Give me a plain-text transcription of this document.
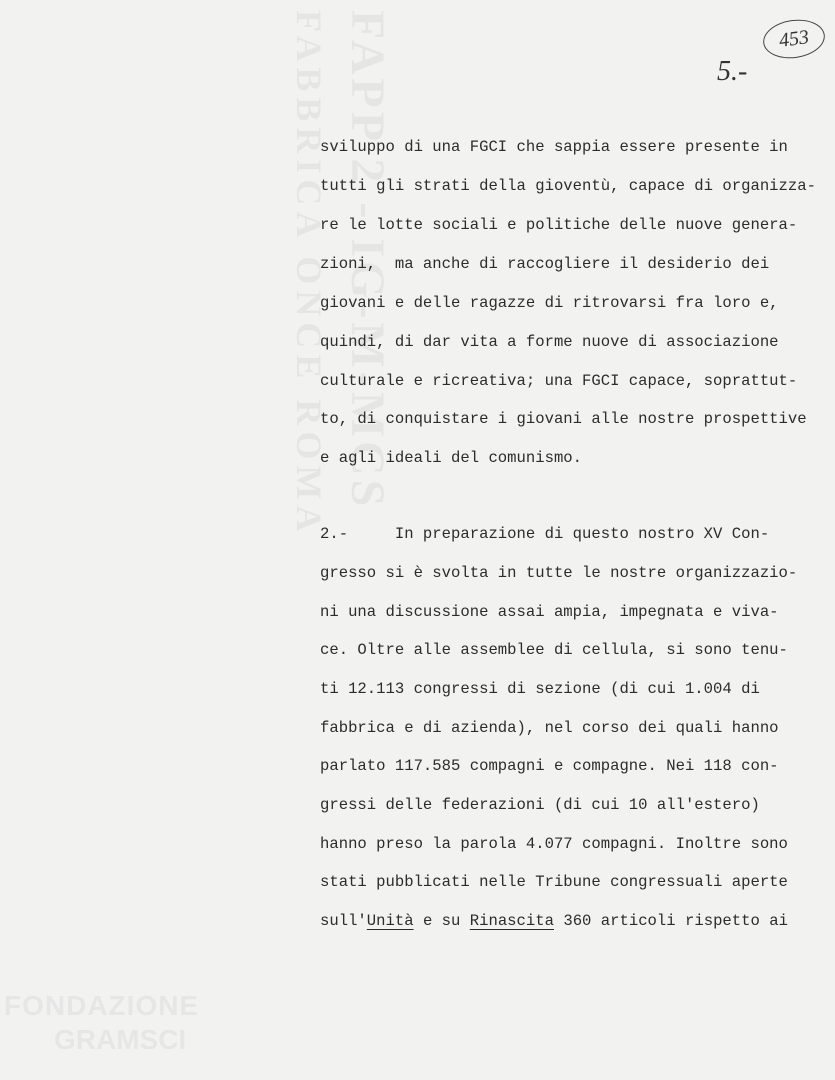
FAPP 2 - IG-M-MCS
FABBRICA ONCE ROMA
FONDAZIONE
GRAMSCI
453
5.-
sviluppo di una FGCI che sappia essere presente in
tutti gli strati della gioventù, capace di organizza-
re le lotte sociali e politiche delle nuove genera-
zioni,  ma anche di raccogliere il desiderio dei
giovani e delle ragazze di ritrovarsi fra loro e,
quindi, di dar vita a forme nuove di associazione
culturale e ricreativa; una FGCI capace, soprattut-
to, di conquistare i giovani alle nostre prospettive
e agli ideali del comunismo.
2.-     In preparazione di questo nostro XV Con-
gresso si è svolta in tutte le nostre organizzazio-
ni una discussione assai ampia, impegnata e viva-
ce. Oltre alle assemblee di cellula, si sono tenu-
ti 12.113 congressi di sezione (di cui 1.004 di
fabbrica e di azienda), nel corso dei quali hanno
parlato 117.585 compagni e compagne. Nei 118 con-
gressi delle federazioni (di cui 10 all'estero)
hanno preso la parola 4.077 compagni. Inoltre sono
stati pubblicati nelle Tribune congressuali aperte
sull'Unità e su Rinascita 360 articoli rispetto ai
